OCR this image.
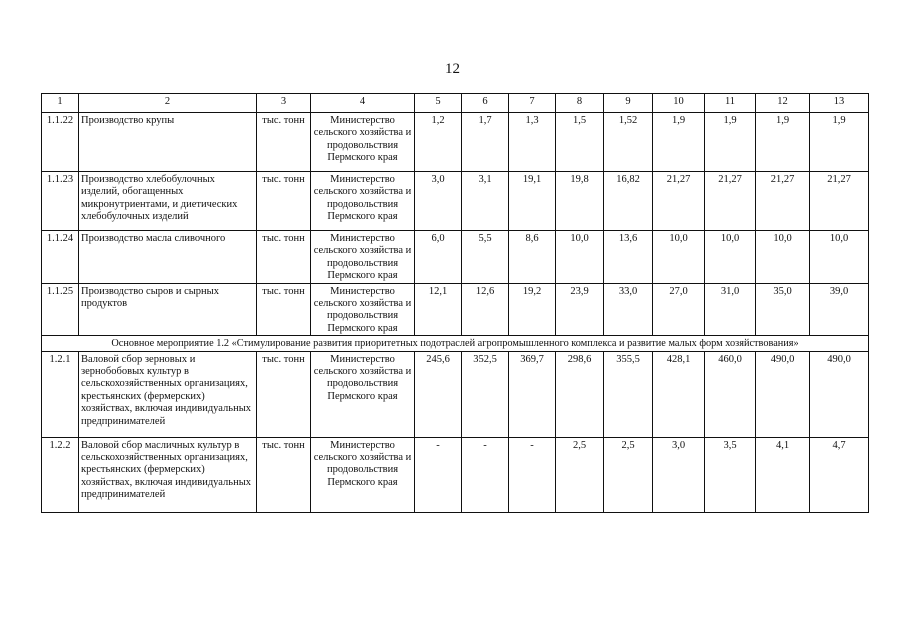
12
1	2	3	4	5	6	7	8	9	10	11	12	13
1.1.22	Производство крупы	тыс. тонн	Министерство сельского хозяйства и продовольствия Пермского края	1,2	1,7	1,3	1,5	1,52	1,9	1,9	1,9	1,9
1.1.23	Производство хлебобулочных изделий, обогащенных микронутриентами, и диетических хлебобулочных изделий	тыс. тонн	Министерство сельского хозяйства и продовольствия Пермского края	3,0	3,1	19,1	19,8	16,82	21,27	21,27	21,27	21,27
1.1.24	Производство масла сливочного	тыс. тонн	Министерство сельского хозяйства и продовольствия Пермского края	6,0	5,5	8,6	10,0	13,6	10,0	10,0	10,0	10,0
1.1.25	Производство сыров и сырных продуктов	тыс. тонн	Министерство сельского хозяйства и продовольствия Пермского края	12,1	12,6	19,2	23,9	33,0	27,0	31,0	35,0	39,0
Основное мероприятие 1.2 «Стимулирование развития приоритетных подотраслей агропромышленного комплекса и развитие малых форм хозяйствования»												
1.2.1	Валовой сбор зерновых и зернобобовых культур в сельскохозяйственных организациях, крестьянских (фермерских) хозяйствах, включая индивидуальных предпринимателей	тыс. тонн	Министерство сельского хозяйства и продовольствия Пермского края	245,6	352,5	369,7	298,6	355,5	428,1	460,0	490,0	490,0
1.2.2	Валовой сбор масличных культур в сельскохозяйственных организациях, крестьянских (фермерских) хозяйствах, включая индивидуальных предпринимателей	тыс. тонн	Министерство сельского хозяйства и продовольствия Пермского края	-	-	-	2,5	2,5	3,0	3,5	4,1	4,7
